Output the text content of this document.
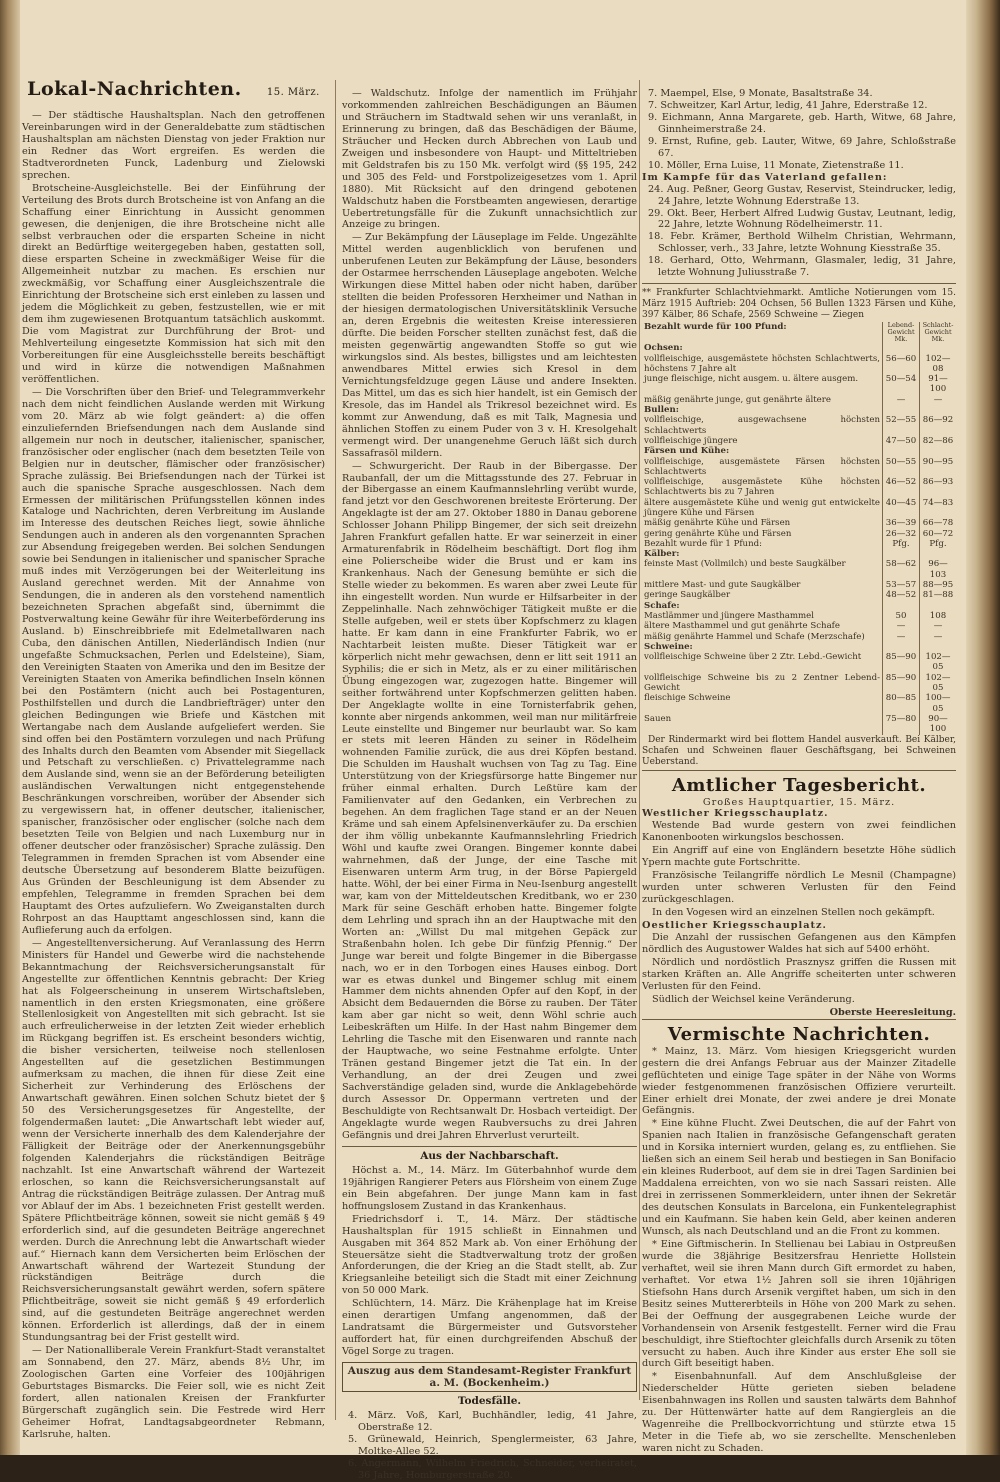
Lokal-Nachrichten.	15. März.

— Der städtische Haushaltsplan. Nach den getroffenen Vereinbarungen wird in der Generaldebatte zum städtischen Haushaltsplan am nächsten Dienstag von jeder Fraktion nur ein Redner das Wort ergreifen. Es werden die Stadtverordneten Funck, Ladenburg und Zielowski sprechen.

Brotscheine-Ausgleichstelle. Bei der Einführung der Verteilung des Brots durch Brotscheine ist von Anfang an die Schaffung einer Einrichtung in Aussicht genommen gewesen, die denjenigen, die ihre Brotscheine nicht alle selbst verbrauchen oder die ersparten Scheine in nicht direkt an Bedürftige weitergegeben haben, gestatten soll, diese ersparten Scheine in zweckmäßiger Weise für die Allgemeinheit nutzbar zu machen. Es erschien nur zweckmäßig, vor Schaffung einer Ausgleichszentrale die Einrichtung der Brotscheine sich erst einleben zu lassen und jedem die Möglichkeit zu geben, festzustellen, wie er mit dem ihm zugewiesenen Brotquantum tatsächlich auskommt. Die vom Magistrat zur Durchführung der Brot- und Mehlverteilung eingesetzte Kommission hat sich mit den Vorbereitungen für eine Ausgleichsstelle bereits beschäftigt und wird in kürze die notwendigen Maßnahmen veröffentlichen.

— Die Vorschriften über den Brief- und Telegrammverkehr nach dem nicht feindlichen Auslande werden mit Wirkung vom 20. März ab wie folgt geändert: a) die offen einzuliefernden Briefsendungen nach dem Auslande sind allgemein nur noch in deutscher, italienischer, spanischer, französischer oder englischer (nach dem besetzten Teile von Belgien nur in deutscher, flämischer oder französischer) Sprache zulässig. Bei Briefsendungen nach der Türkei ist auch die spanische Sprache ausgeschlossen. Nach dem Ermessen der militärischen Prüfungsstellen können indes Kataloge und Nachrichten, deren Verbreitung im Auslande im Interesse des deutschen Reiches liegt, sowie ähnliche Sendungen auch in anderen als den vorgenannten Sprachen zur Absendung freigegeben werden. Bei solchen Sendungen sowie bei Sendungen in italienischer und spanischer Sprache muß indes mit Verzögerungen bei der Weiterleitung ins Ausland gerechnet werden. Mit der Annahme von Sendungen, die in anderen als den vorstehend namentlich bezeichneten Sprachen abgefaßt sind, übernimmt die Postverwaltung keine Gewähr für ihre Weiterbeförderung ins Ausland. b) Einschreibbriefe mit Edelmetallwaren nach Cuba, den dänischen Antillen, Niederländisch Indien (nur ungefaßte Schmucksachen, Perlen und Edelsteine), Siam, den Vereinigten Staaten von Amerika und den im Besitze der Vereinigten Staaten von Amerika befindlichen Inseln können bei den Postämtern (nicht auch bei Postagenturen, Posthilfstellen und durch die Landbriefträger) unter den gleichen Bedingungen wie Briefe und Kästchen mit Wertangabe nach dem Auslande aufgeliefert werden. Sie sind offen bei den Postämtern vorzulegen und nach Prüfung des Inhalts durch den Beamten vom Absender mit Siegellack und Petschaft zu verschließen. c) Privattelegramme nach dem Auslande sind, wenn sie an der Beförderung beteiligten ausländischen Verwaltungen nicht entgegenstehende Beschränkungen vorschreiben, worüber der Absender sich zu vergewissern hat, in offener deutscher, italienischer, spanischer, französischer oder englischer (solche nach dem besetzten Teile von Belgien und nach Luxemburg nur in offener deutscher oder französischer) Sprache zulässig. Den Telegrammen in fremden Sprachen ist vom Absender eine deutsche Übersetzung auf besonderem Blatte beizufügen. Aus Gründen der Beschleunigung ist dem Absender zu empfehlen, Telegramme in fremden Sprachen bei dem Hauptamt des Ortes aufzuliefern. Wo Zweiganstalten durch Rohrpost an das Haupttamt angeschlossen sind, kann die Auflieferung auch da erfolgen.

— Angestelltenversicherung. Auf Veranlassung des Herrn Ministers für Handel und Gewerbe wird die nachstehende Bekanntmachung der Reichsversicherungsanstalt für Angestellte zur öffentlichen Kenntnis gebracht: Der Krieg hat als Folgeerscheinung in unserem Wirtschaftsleben, namentlich in den ersten Kriegsmonaten, eine größere Stellenlosigkeit von Angestellten mit sich gebracht. Ist sie auch erfreulicherweise in der letzten Zeit wieder erheblich im Rückgang begriffen ist. Es erscheint besonders wichtig, die bisher versicherten, teilweise noch stellenlosen Angestellten auf die gesetzlichen Bestimmungen aufmerksam zu machen, die ihnen für diese Zeit eine Sicherheit zur Verhinderung des Erlöschens der Anwartschaft gewähren. Einen solchen Schutz bietet der § 50 des Versicherungsgesetzes für Angestellte, der folgendermaßen lautet: „Die Anwartschaft lebt wieder auf, wenn der Versicherte innerhalb des dem Kalenderjahre der Fälligkeit der Beiträge oder der Anerkennungsgebühr folgenden Kalenderjahrs die rückständigen Beiträge nachzahlt. Ist eine Anwartschaft während der Wartezeit erloschen, so kann die Reichsversicherungsanstalt auf Antrag die rückständigen Beiträge zulassen. Der Antrag muß vor Ablauf der im Abs. 1 bezeichneten Frist gestellt werden. Spätere Pflichtbeiträge können, soweit sie nicht gemäß § 49 erforderlich sind, auf die gesundeten Beiträge angerechnet werden. Durch die Anrechnung lebt die Anwartschaft wieder auf.“ Hiernach kann dem Versicherten beim Erlöschen der Anwartschaft während der Wartezeit Stundung der rückständigen Beiträge durch die Reichsversicherungsanstalt gewährt werden, sofern spätere Pflichtbeiträge, soweit sie nicht gemäß § 49 erforderlich sind, auf die gestundeten Beiträge angerechnet werden können. Erforderlich ist allerdings, daß der in einem Stundungsantrag bei der Frist gestellt wird.

— Der Nationalliberale Verein Frankfurt-Stadt veranstaltet am Sonnabend, den 27. März, abends 8½ Uhr, im Zoologischen Garten eine Vorfeier des 100jährigen Geburtstages Bismarcks. Die Feier soll, wie es nicht Zeit fordert, allen nationalen Kreisen der Frankfurter Bürgerschaft zugänglich sein. Die Festrede wird Herr Geheimer Hofrat, Landtagsabgeordneter Rebmann, Karlsruhe, halten.

— Waldschutz. Infolge der namentlich im Frühjahr vorkommenden zahlreichen Beschädigungen an Bäumen und Sträuchern im Stadtwald sehen wir uns veranlaßt, in Erinnerung zu bringen, daß das Beschädigen der Bäume, Sträucher und Hecken durch Abbrechen von Laub und Zweigen und insbesondere von Haupt- und Mitteltrieben mit Geldstrafen bis zu 150 Mk. verfolgt wird (§§ 195, 242 und 305 des Feld- und Forstpolizeigesetzes vom 1. April 1880). Mit Rücksicht auf den dringend gebotenen Waldschutz haben die Forstbeamten angewiesen, derartige Uebertretungsfälle für die Zukunft unnachsichtlich zur Anzeige zu bringen.

— Zur Bekämpfung der Läuseplage im Felde. Ungezählte Mittel werden augenblicklich von berufenen und unberufenen Leuten zur Bekämpfung der Läuse, besonders der Ostarmee herrschenden Läuseplage angeboten. Welche Wirkungen diese Mittel haben oder nicht haben, darüber stellten die beiden Professoren Herxheimer und Nathan in der hiesigen dermatologischen Universitätsklinik Versuche an, deren Ergebnis die weitesten Kreise interessieren dürfte. Die beiden Forscher stellten zunächst fest, daß die meisten gegenwärtig angewandten Stoffe so gut wie wirkungslos sind. Als bestes, billigstes und am leichtesten anwendbares Mittel erwies sich Kresol in dem Vernichtungsfeldzuge gegen Läuse und andere Insekten. Das Mittel, um das es sich hier handelt, ist ein Gemisch der Kresole, das im Handel als Trikresol bezeichnet wird. Es kommt zur Anwendung, daß es mit Talk, Magnesia und ähnlichen Stoffen zu einem Puder von 3 v. H. Kresolgehalt vermengt wird. Der unangenehme Geruch läßt sich durch Sassafrasöl mildern.

— Schwurgericht. Der Raub in der Bibergasse. Der Raubanfall, der um die Mittagsstunde des 27. Februar in der Bibergasse an einem Kaufmannslehrling verübt wurde, fand jetzt vor den Geschworenen breiteste Erörterung. Der Angeklagte ist der am 27. Oktober 1880 in Danau geborene Schlosser Johann Philipp Bingemer, der sich seit dreizehn Jahren Frankfurt gefallen hatte. Er war seinerzeit in einer Armaturenfabrik in Rödelheim beschäftigt. Dort flog ihm eine Polierscheibe wider die Brust und er kam ins Krankenhaus. Nach der Genesung bemühte er sich die Stelle wieder zu bekommen. Es waren aber zwei Leute für ihn eingestellt worden. Nun wurde er Hilfsarbeiter in der Zeppelinhalle. Nach zehnwöchiger Tätigkeit mußte er die Stelle aufgeben, weil er stets über Kopfschmerz zu klagen hatte. Er kam dann in eine Frankfurter Fabrik, wo er Nachtarbeit leisten mußte. Dieser Tätigkeit war er körperlich nicht mehr gewachsen, denn er litt seit 1911 an Syphilis; die er sich in Metz, als er zu einer militärischen Übung eingezogen war, zugezogen hatte. Bingemer will seither fortwährend unter Kopfschmerzen gelitten haben. Der Angeklagte wollte in eine Tornisterfabrik gehen, konnte aber nirgends ankommen, weil man nur militärfreie Leute einstellte und Bingemer nur beurlaubt war. So kam er stets mit leeren Händen zu seiner in Rödelheim wohnenden Familie zurück, die aus drei Köpfen bestand. Die Schulden im Haushalt wuchsen von Tag zu Tag. Eine Unterstützung von der Kriegsfürsorge hatte Bingemer nur früher einmal erhalten. Durch Leßtüre kam der Familienvater auf den Gedanken, ein Verbrechen zu begehen. An dem fraglichen Tage stand er an der Neuen Kräme und sah einem Apfelsinenverkäufer zu. Da erschien der ihm völlig unbekannte Kaufmannslehrling Friedrich Wöhl und kaufte zwei Orangen. Bingemer konnte dabei wahrnehmen, daß der Junge, der eine Tasche mit Eisenwaren unterm Arm trug, in der Börse Papiergeld hatte. Wöhl, der bei einer Firma in Neu-Isenburg angestellt war, kam von der Mitteldeutschen Kreditbank, wo er 230 Mark für seine Geschäft erhoben hatte. Bingemer folgte dem Lehrling und sprach ihn an der Hauptwache mit den Worten an: „Willst Du mal mitgehen Gepäck zur Straßenbahn holen. Ich gebe Dir fünfzig Pfennig.“ Der Junge war bereit und folgte Bingemer in die Bibergasse nach, wo er in den Torbogen eines Hauses einbog. Dort war es etwas dunkel und Bingemer schlug mit einem Hammer dem nichts ahnenden Opfer auf den Kopf, in der Absicht dem Bedauernden die Börse zu rauben. Der Täter kam aber gar nicht so weit, denn Wöhl schrie auch Leibeskräften um Hilfe. In der Hast nahm Bingemer dem Lehrling die Tasche mit den Eisenwaren und rannte nach der Hauptwache, wo seine Festnahme erfolgte. Unter Tränen gestand Bingemer jetzt die Tat ein. In der Verhandlung, an der drei Zeugen und zwei Sachverständige geladen sind, wurde die Anklagebehörde durch Assessor Dr. Oppermann vertreten und der Beschuldigte von Rechtsanwalt Dr. Hosbach verteidigt. Der Angeklagte wurde wegen Raubversuchs zu drei Jahren Gefängnis und drei Jahren Ehrverlust verurteilt.

Aus der Nachbarschaft.

Höchst a. M., 14. März. Im Güterbahnhof wurde dem 19jährigen Rangierer Peters aus Flörsheim von einem Zuge ein Bein abgefahren. Der junge Mann kam in fast hoffnungslosem Zustand in das Krankenhaus.

Friedrichsdorf i. T., 14. März. Der städtische Haushaltsplan für 1915 schließt in Einnahmen und Ausgaben mit 364 852 Mark ab. Von einer Erhöhung der Steuersätze sieht die Stadtverwaltung trotz der großen Anforderungen, die der Krieg an die Stadt stellt, ab. Zur Kriegsanleihe beteiligt sich die Stadt mit einer Zeichnung von 50 000 Mark.

Schlüchtern, 14. März. Die Krähenplage hat im Kreise einen derartigen Umfang angenommen, daß der Landratsamt die Bürgermeister und Gutsvorsteher auffordert hat, für einen durchgreifenden Abschuß der Vögel Sorge zu tragen.

Auszug aus dem Standesamt-Register Frankfurt a. M. (Bockenheim.)
Todesfälle.

4. März. Voß, Karl, Buchhändler, ledig, 41 Jahre, Oberstraße 12.

5. Grünewald, Heinrich, Spenglermeister, 63 Jahre, Moltke-Allee 52.

6. Angermann, Wilhelm Friedrich, Schneider, verheiratet, 36 Jahre, Homburgerstraße 20.

7. Maempel, Else, 9 Monate, Basaltstraße 34.

7. Schweitzer, Karl Artur, ledig, 41 Jahre, Ederstraße 12.

9. Eichmann, Anna Margarete, geb. Harth, Witwe, 68 Jahre, Ginnheimerstraße 24.

9. Ernst, Rufine, geb. Lauter, Witwe, 69 Jahre, Schloßstraße 67.

10. Möller, Erna Luise, 11 Monate, Zietenstraße 11.

Im Kampfe für das Vaterland gefallen:

24. Aug. Peßner, Georg Gustav, Reservist, Steindrucker, ledig, 24 Jahre, letzte Wohnung Ederstraße 13.

29. Okt. Beer, Herbert Alfred Ludwig Gustav, Leutnant, ledig, 22 Jahre, letzte Wohnung Rödelheimerstr. 11.

18. Febr. Krämer, Berthold Wilhelm Christian, Wehrmann, Schlosser, verh., 33 Jahre, letzte Wohnung Kiesstraße 35.

18. Gerhard, Otto, Wehrmann, Glasmaler, ledig, 31 Jahre, letzte Wohnung Juliusstraße 7.

** Frankfurter Schlachtviehmarkt. Amtliche Notierungen vom 15. März 1915 Auftrieb: 204 Ochsen, 56 Bullen 1323 Färsen und Kühe, 397 Kälber, 86 Schafe, 2569 Schweine — Ziegen

Bezahlt wurde für 100 Pfund:	Lebend-Gewicht Mk.	Schlacht-Gewicht Mk.
Ochsen:		
vollfleischige, ausgemästete höchsten Schlachtwerts, höchstens 7 Jahre alt	56—60	102—08
junge fleischige, nicht ausgem. u. ältere ausgem.	50—54	91—100
mäßig genährte junge, gut genährte ältere	—	—
Bullen:		
vollfleischige, ausgewachsene höchsten Schlachtwerts	52—55	86—92
vollfleischige jüngere	47—50	82—86
Färsen und Kühe:		
vollfleischige, ausgemästete Färsen höchsten Schlachtwerts	50—55	90—95
vollfleischige, ausgemästete Kühe höchsten Schlachtwerts bis zu 7 Jahren	46—52	86—93
ältere ausgemästete Kühe und wenig gut entwickelte jüngere Kühe und Färsen	40—45	74—83
mäßig genährte Kühe und Färsen	36—39	66—78
gering genährte Kühe und Färsen	26—32	60—72
Bezahlt wurde für 1 Pfund:	Pfg.	Pfg.
Kälber:		
feinste Mast (Vollmilch) und beste Saugkälber	58—62	96—103
mittlere Mast- und gute Saugkälber	53—57	88—95
geringe Saugkälber	48—52	81—88
Schafe:		
Mastlämmer und jüngere Masthammel	50	108
ältere Masthammel und gut genährte Schafe	—	—
mäßig genährte Hammel und Schafe (Merzschafe)	—	—
Schweine:		
vollfleischige Schweine über 2 Ztr. Lebd.-Gewicht	85—90	102—05
vollfleischige Schweine bis zu 2 Zentner Lebend-Gewicht	85—90	102—05
fleischige Schweine	80—85	100—05
Sauen	75—80	90—100

Der Rindermarkt wird bei flottem Handel ausverkauft. Bei Kälber, Schafen und Schweinen flauer Geschäftsgang, bei Schweinen Ueberstand.

Amtlicher Tagesbericht.
Großes Hauptquartier, 15. März.
Westlicher Kriegsschauplatz.

Westende Bad wurde gestern von zwei feindlichen Kanonenbooten wirkungslos beschossen.

Ein Angriff auf eine von Engländern besetzte Höhe südlich Ypern machte gute Fortschritte.

Französische Teilangriffe nördlich Le Mesnil (Champagne) wurden unter schweren Verlusten für den Feind zurückgeschlagen.

In den Vogesen wird an einzelnen Stellen noch gekämpft.

Oestlicher Kriegsschauplatz.

Die Anzahl der russischen Gefangenen aus den Kämpfen nördlich des Augustower Waldes hat sich auf 5400 erhöht.

Nördlich und nordöstlich Prasznysz griffen die Russen mit starken Kräften an. Alle Angriffe scheiterten unter schweren Verlusten für den Feind.

Südlich der Weichsel keine Veränderung.

Oberste Heeresleitung.
Vermischte Nachrichten.

* Mainz, 13. März. Vom hiesigen Kriegsgericht wurden gestern die drei Anfangs Februar aus der Mainzer Zitadelle geflüchteten und einige Tage später in der Nähe von Worms wieder festgenommenen französischen Offiziere verurteilt. Einer erhielt drei Monate, der zwei andere je drei Monate Gefängnis.

* Eine kühne Flucht. Zwei Deutschen, die auf der Fahrt von Spanien nach Italien in französische Gefangenschaft geraten und in Korsika interniert wurden, gelang es, zu entfliehen. Sie ließen sich an einem Seil herab und bestiegen in San Bonifacio ein kleines Ruderboot, auf dem sie in drei Tagen Sardinien bei Maddalena erreichten, von wo sie nach Sassari reisten. Alle drei in zerrissenen Sommerkleidern, unter ihnen der Sekretär des deutschen Konsulats in Barcelona, ein Funkentelegraphist und ein Kaufmann. Sie haben kein Geld, aber keinen anderen Wunsch, als nach Deutschland und an die Front zu kommen.

* Eine Giftmischerin. In Stellienau bei Labiau in Ostpreußen wurde die 38jährige Besitzersfrau Henriette Hollstein verhaftet, weil sie ihren Mann durch Gift ermordet zu haben, verhaftet. Vor etwa 1½ Jahren soll sie ihren 10jährigen Stiefsohn Hans durch Arsenik vergiftet haben, um sich in den Besitz seines Muttererbteils in Höhe von 200 Mark zu sehen. Bei der Oeffnung der ausgegrabenen Leiche wurde der Vorhandensein von Arsenik festgestellt. Ferner wird die Frau beschuldigt, ihre Stieftochter gleichfalls durch Arsenik zu töten versucht zu haben. Auch ihre Kinder aus erster Ehe soll sie durch Gift beseitigt haben.

* Eisenbahnunfall. Auf dem Anschlußgleise der Niederschelder Hütte gerieten sieben beladene Eisenbahnwagen ins Rollen und sausten talwärts dem Bahnhof zu. Der Hüttenwärter hatte auf dem Rangiergleis an die Wagenreihe die Prellbockvorrichtung und stürzte etwa 15 Meter in die Tiefe ab, wo sie zerschellte. Menschenleben waren nicht zu Schaden.
